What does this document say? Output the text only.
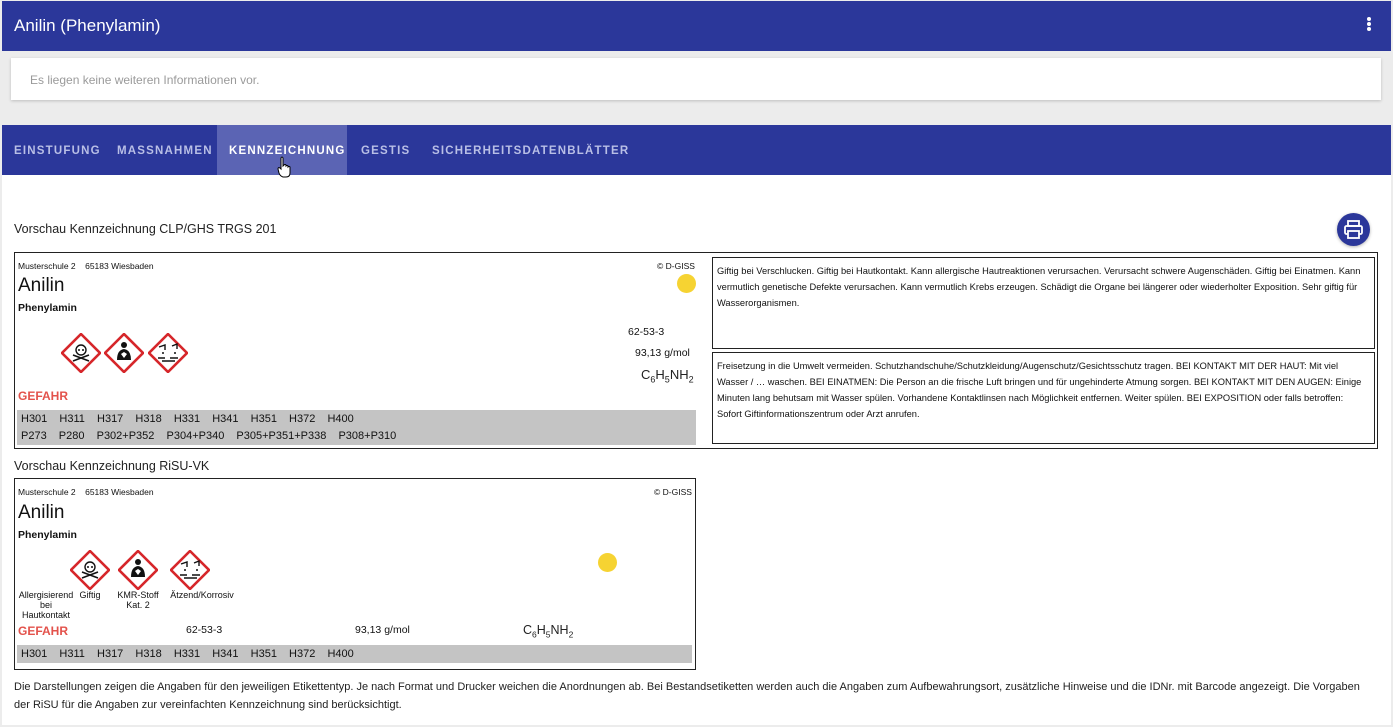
Anilin (Phenylamin)
Es liegen keine weiteren Informationen vor.
EINSTUFUNG	MASSNAHMEN	KENNZEICHNUNG	GESTIS	SICHERHEITSDATENBLÄTTER
Vorschau Kennzeichnung CLP/GHS TRGS 201
Musterschule 2 65183 Wiesbaden	© D-GISS
Anilin
Phenylamin
62-53-3
93,13 g/mol
$C_6H_5NH_2$
GEFAHR
H301  H311  H317  H318  H331  H341  H351  H372  H400
P273  P280  P302+P352  P304+P340  P305+P351+P338  P308+P310
Giftig bei Verschlucken. Giftig bei Hautkontakt. Kann allergische Hautreaktionen verursachen. Verursacht schwere Augenschäden. Giftig bei Einatmen. Kann vermutlich genetische Defekte verursachen. Kann vermutlich Krebs erzeugen. Schädigt die Organe bei längerer oder wiederholter Exposition. Sehr giftig für Wasserorganismen.
Freisetzung in die Umwelt vermeiden. Schutzhandschuhe/Schutzkleidung/Augenschutz/Gesichtsschutz tragen. BEI KONTAKT MIT DER HAUT: Mit viel Wasser / … waschen. BEI EINATMEN: Die Person an die frische Luft bringen und für ungehinderte Atmung sorgen. BEI KONTAKT MIT DEN AUGEN: Einige Minuten lang behutsam mit Wasser spülen. Vorhandene Kontaktlinsen nach Möglichkeit entfernen. Weiter spülen. BEI EXPOSITION oder falls betroffen: Sofort Giftinformationszentrum oder Arzt anrufen.
Vorschau Kennzeichnung RiSU-VK
Musterschule 2 65183 Wiesbaden	© D-GISS
Anilin
Phenylamin
Allergisierend bei Hautkontakt
Giftig	KMR-Stoff Kat. 2
Ätzend/Korrosiv
GEFAHR	62-53-3	93,13 g/mol	$C_6H_5NH_2$
H301  H311  H317  H318  H331  H341  H351  H372  H400
Die Darstellungen zeigen die Angaben für den jeweiligen Etikettentyp. Je nach Format und Drucker weichen die Anordnungen ab. Bei Bestandsetiketten werden auch die Angaben zum Aufbewahrungsort, zusätzliche Hinweise und die IDNr. mit Barcode angezeigt. Die Vorgaben der RiSU für die Angaben zur vereinfachten Kennzeichnung sind berücksichtigt.
